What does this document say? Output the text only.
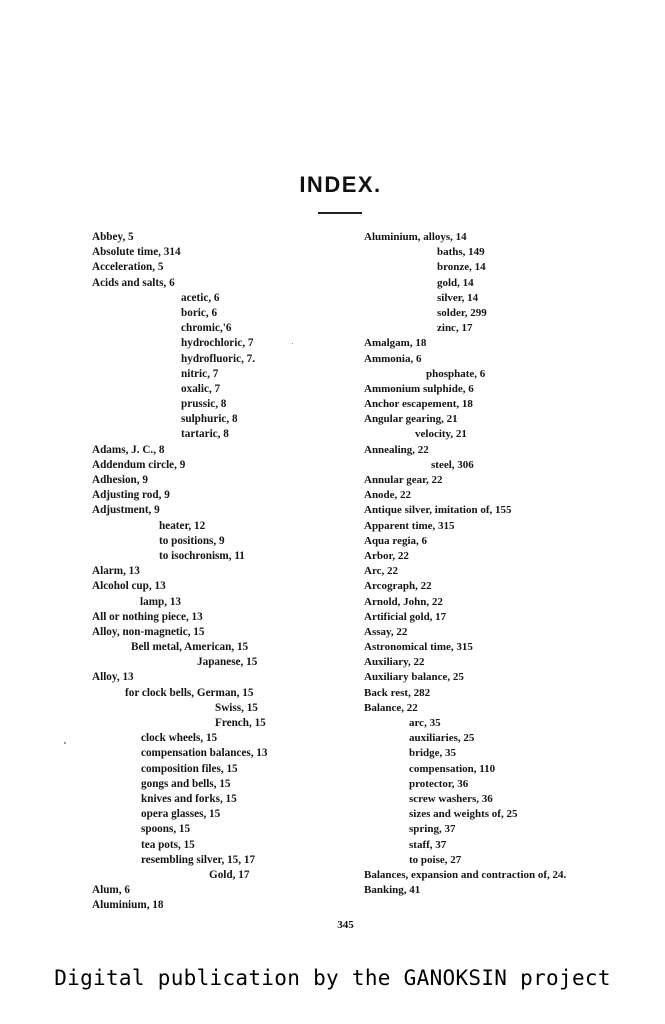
INDEX.
Abbey, 5
Absolute time, 314
Acceleration, 5
Acids and salts, 6
acetic, 6
boric, 6
chromic,'6
hydrochloric, 7
hydrofluoric, 7.
nitric, 7
oxalic, 7
prussic, 8
sulphuric, 8
tartaric, 8
Adams, J. C., 8
Addendum circle, 9
Adhesion, 9
Adjusting rod, 9
Adjustment, 9
heater, 12
to positions, 9
to isochronism, 11
Alarm, 13
Alcohol cup, 13
lamp, 13
All or nothing piece, 13
Alloy, non-magnetic, 15
Bell metal, American, 15
Japanese, 15
Alloy, 13
for clock bells, German, 15
Swiss, 15
French, 15
clock wheels, 15
compensation balances, 13
composition files, 15
gongs and bells, 15
knives and forks, 15
opera glasses, 15
spoons, 15
tea pots, 15
resembling silver, 15, 17
Gold, 17
Alum, 6
Aluminium, 18
Aluminium, alloys, 14
baths, 149
bronze, 14
gold, 14
silver, 14
solder, 299
zinc, 17
Amalgam, 18
Ammonia, 6
phosphate, 6
Ammonium sulphide, 6
Anchor escapement, 18
Angular gearing, 21
velocity, 21
Annealing, 22
steel, 306
Annular gear, 22
Anode, 22
Antique silver, imitation of, 155
Apparent time, 315
Aqua regia, 6
Arbor, 22
Arc, 22
Arcograph, 22
Arnold, John, 22
Artificial gold, 17
Assay, 22
Astronomical time, 315
Auxiliary, 22
Auxiliary balance, 25
Back rest, 282
Balance, 22
arc, 35
auxiliaries, 25
bridge, 35
compensation, 110
protector, 36
screw washers, 36
sizes and weights of, 25
spring, 37
staff, 37
to poise, 27
Balances, expansion and contraction of, 24.
Banking, 41
345
Digital publication by the GANOKSIN project
